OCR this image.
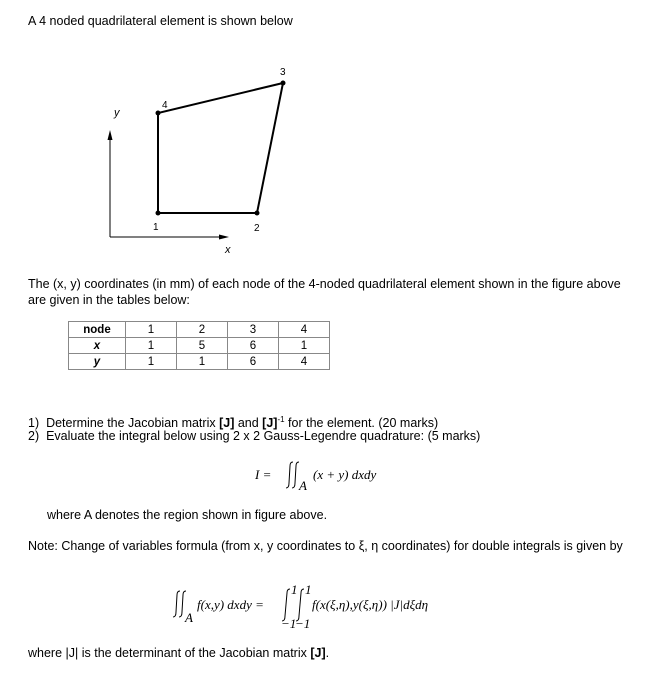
A 4 noded quadrilateral element is shown below
y
x
1	2
3
4
The (x, y) coordinates (in mm) of each node of the 4-noded quadrilateral element shown in the figure above are given in the tables below:
node	1	2	3	4
x	1	5	6	1
y	1	1	6	4
1) Determine the Jacobian matrix [J] and $[J]^{-1}$ for the element. (20 marks)
2) Evaluate the integral below using 2 x 2 Gauss-Legendre quadrature: (5 marks)
I =
A
(x + y) dxdy
where A denotes the region shown in figure above.
Note: Change of variables formula (from x, y coordinates to ξ, η coordinates) for double integrals is given by
A
f(x,y) dxdy =
1
−1
1
−1
f(x(ξ,η),y(ξ,η)) |J|dξdη
where |J| is the determinant of the Jacobian matrix [J].
